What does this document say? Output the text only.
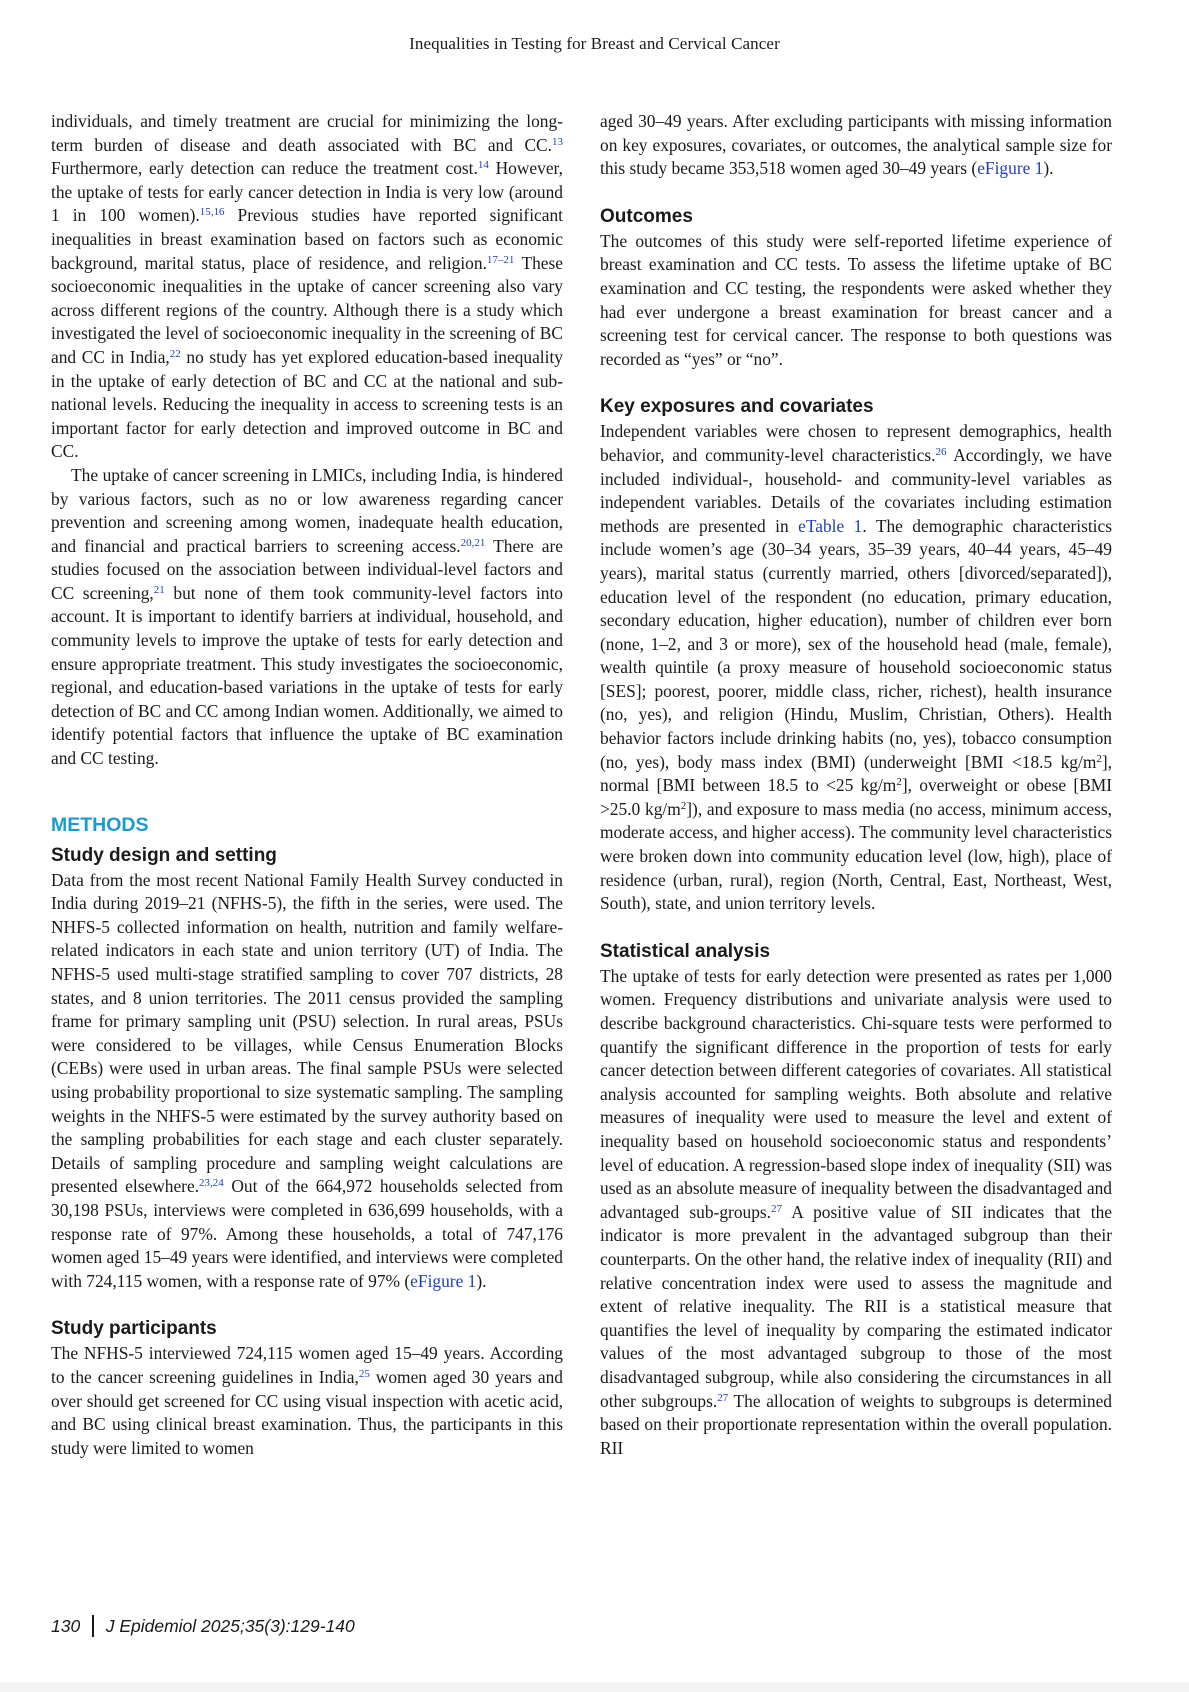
Inequalities in Testing for Breast and Cervical Cancer

individuals, and timely treatment are crucial for minimizing the long-term burden of disease and death associated with BC and CC.$^{13}$ Furthermore, early detection can reduce the treatment cost.$^{14}$ However, the uptake of tests for early cancer detection in India is very low (around 1 in 100 women).$^{15,16}$ Previous studies have reported significant inequalities in breast examination based on factors such as economic background, marital status, place of residence, and religion.$^{17-21}$ These socioeconomic inequalities in the uptake of cancer screening also vary across different regions of the country. Although there is a study which investigated the level of socioeconomic inequality in the screening of BC and CC in India,$^{22}$ no study has yet explored education-based inequality in the uptake of early detection of BC and CC at the national and sub-national levels. Reducing the inequality in access to screening tests is an important factor for early detection and improved outcome in BC and CC.

The uptake of cancer screening in LMICs, including India, is hindered by various factors, such as no or low awareness regarding cancer prevention and screening among women, inadequate health education, and financial and practical barriers to screening access.$^{20,21}$ There are studies focused on the association between individual-level factors and CC screening,$^{21}$ but none of them took community-level factors into account. It is important to identify barriers at individual, household, and community levels to improve the uptake of tests for early detection and ensure appropriate treatment. This study investigates the socioeconomic, regional, and education-based variations in the uptake of tests for early detection of BC and CC among Indian women. Additionally, we aimed to identify potential factors that influence the uptake of BC examination and CC testing.

METHODS
Study design and setting

Data from the most recent National Family Health Survey conducted in India during 2019–21 (NFHS-5), the fifth in the series, were used. The NHFS-5 collected information on health, nutrition and family welfare-related indicators in each state and union territory (UT) of India. The NFHS-5 used multi-stage stratified sampling to cover 707 districts, 28 states, and 8 union territories. The 2011 census provided the sampling frame for primary sampling unit (PSU) selection. In rural areas, PSUs were considered to be villages, while Census Enumeration Blocks (CEBs) were used in urban areas. The final sample PSUs were selected using probability proportional to size systematic sampling. The sampling weights in the NHFS-5 were estimated by the survey authority based on the sampling probabilities for each stage and each cluster separately. Details of sampling procedure and sampling weight calculations are presented elsewhere.$^{23,24}$ Out of the 664,972 households selected from 30,198 PSUs, interviews were completed in 636,699 households, with a response rate of 97%. Among these households, a total of 747,176 women aged 15–49 years were identified, and interviews were completed with 724,115 women, with a response rate of 97% (eFigure 1).

Study participants

The NFHS-5 interviewed 724,115 women aged 15–49 years. According to the cancer screening guidelines in India,$^{25}$ women aged 30 years and over should get screened for CC using visual inspection with acetic acid, and BC using clinical breast examination. Thus, the participants in this study were limited to women

aged 30–49 years. After excluding participants with missing information on key exposures, covariates, or outcomes, the analytical sample size for this study became 353,518 women aged 30–49 years (eFigure 1).

Outcomes

The outcomes of this study were self-reported lifetime experience of breast examination and CC tests. To assess the lifetime uptake of BC examination and CC testing, the respondents were asked whether they had ever undergone a breast examination for breast cancer and a screening test for cervical cancer. The response to both questions was recorded as “yes” or “no”.

Key exposures and covariates

Independent variables were chosen to represent demographics, health behavior, and community-level characteristics.$^{26}$ Accordingly, we have included individual-, household- and community-level variables as independent variables. Details of the covariates including estimation methods are presented in eTable 1. The demographic characteristics include women’s age (30–34 years, 35–39 years, 40–44 years, 45–49 years), marital status (currently married, others [divorced/separated]), education level of the respondent (no education, primary education, secondary education, higher education), number of children ever born (none, 1–2, and 3 or more), sex of the household head (male, female), wealth quintile (a proxy measure of household socioeconomic status [SES]; poorest, poorer, middle class, richer, richest), health insurance (no, yes), and religion (Hindu, Muslim, Christian, Others). Health behavior factors include drinking habits (no, yes), tobacco consumption (no, yes), body mass index (BMI) (underweight [BMI <18.5 $kg/m^2$], normal [BMI between 18.5 to <25 $kg/m^2$], overweight or obese [BMI >25.0 $kg/m^2$]), and exposure to mass media (no access, minimum access, moderate access, and higher access). The community level characteristics were broken down into community education level (low, high), place of residence (urban, rural), region (North, Central, East, Northeast, West, South), state, and union territory levels.

Statistical analysis

The uptake of tests for early detection were presented as rates per 1,000 women. Frequency distributions and univariate analysis were used to describe background characteristics. Chi-square tests were performed to quantify the significant difference in the proportion of tests for early cancer detection between different categories of covariates. All statistical analysis accounted for sampling weights. Both absolute and relative measures of inequality were used to measure the level and extent of inequality based on household socioeconomic status and respondents’ level of education. A regression-based slope index of inequality (SII) was used as an absolute measure of inequality between the disadvantaged and advantaged sub-groups.$^{27}$ A positive value of SII indicates that the indicator is more prevalent in the advantaged subgroup than their counterparts. On the other hand, the relative index of inequality (RII) and relative concentration index were used to assess the magnitude and extent of relative inequality. The RII is a statistical measure that quantifies the level of inequality by comparing the estimated indicator values of the most advantaged subgroup to those of the most disadvantaged subgroup, while also considering the circumstances in all other subgroups.$^{27}$ The allocation of weights to subgroups is determined based on their proportionate representation within the overall population. RII

130 J Epidemiol 2025;35(3):129-140
